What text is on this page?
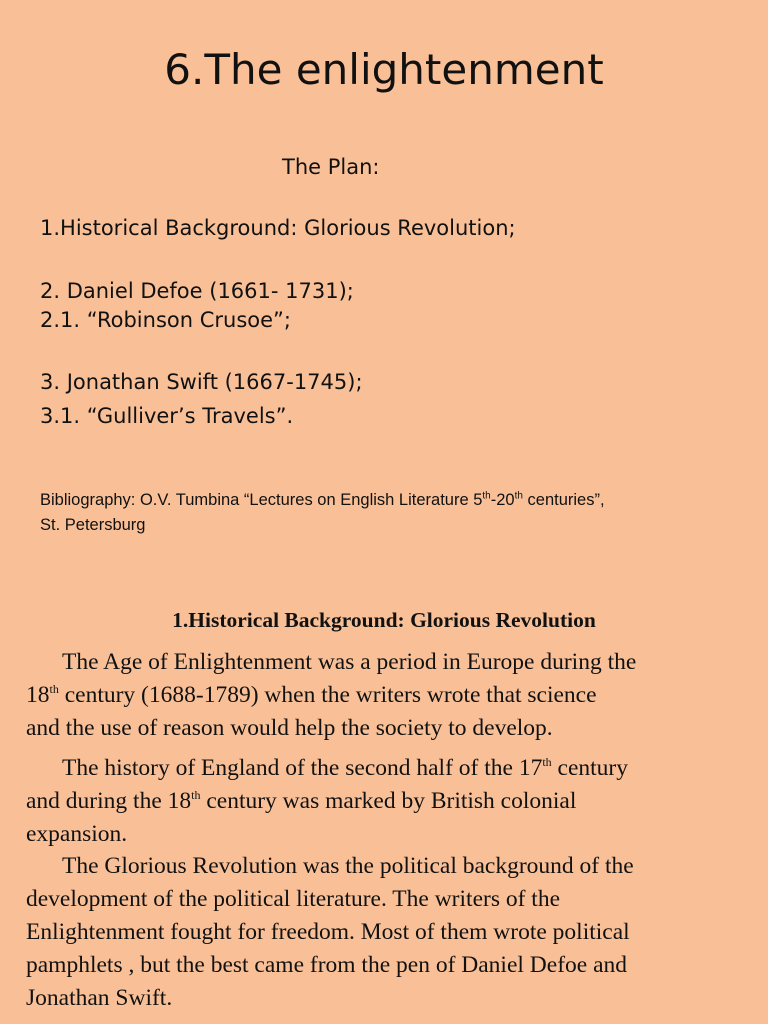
6.The enlightenment
The Plan:
1.Historical Background: Glorious Revolution;
2. Daniel Defoe (1661- 1731);
2.1. “Robinson Crusoe”;
3. Jonathan Swift (1667-1745);
3.1. “Gulliver’s Travels”.
Bibliography: O.V. Tumbina “Lectures on English Literature 5th-20th centuries”,
St. Petersburg
1.Historical Background: Glorious Revolution
The Age of Enlightenment was a period in Europe during the
18th century (1688-1789) when the writers wrote that science
and the use of reason would help the society to develop.
The history of England of the second half of the 17th century
and during the 18th century was marked by British colonial
expansion.
The Glorious Revolution was the political background of the
development of the political literature. The writers of the
Enlightenment fought for freedom. Most of them wrote political
pamphlets , but the best came from the pen of Daniel Defoe and
Jonathan Swift.
